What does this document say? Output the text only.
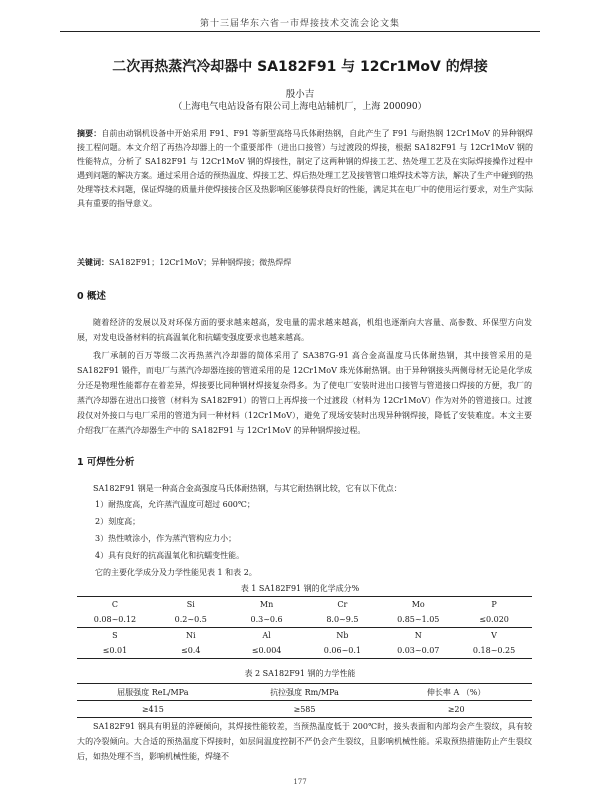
第十三届华东六省一市焊接技术交流会论文集
二次再热蒸汽冷却器中 SA182F91 与 12Cr1MoV 的焊接
殷小吉
（上海电气电站设备有限公司上海电站辅机厂，上海 200090）

摘要：自前由动锅机设备中开始采用 F91、F91 等新型高络马氏体耐热钢，自此产生了 F91 与耐热钢 12Cr1MoV 的异种钢焊接工程问题。本文介绍了再热冷却器上的一个重要部件（进出口接管）与过渡段的焊接，根据 SA182F91 与 12Cr1MoV 钢的性能特点，分析了 SA182F91 与 12Cr1MoV 钢的焊接性，制定了这两种钢的焊接工艺、热处理工艺及在实际焊接操作过程中遇到问题的解决方案。通过采用合适的预热温度、焊接工艺、焊后热处理工艺及接管管口堆焊技术等方法，解决了生产中碰到的热处理等技术问题，保证焊缝的质量并使焊接接合区及热影响区能够获得良好的性能，满足其在电厂中的使用运行要求，对生产实际具有重要的指导意义。

关键词：SA182F91；12Cr1MoV；异种钢焊接；微热焊焊
0 概述

随着经济的发展以及对环保方面的要求越来越高，发电量的需求越来越高，机组也逐渐向大容量、高参数、环保型方向发展，对发电设备材料的抗高温氧化和抗蠕变强度要求也越来越高。

我厂承制的百万等级二次再热蒸汽冷却器的简体采用了 SA387G-91 高合金高温度马氏体耐热钢，其中接管采用的是 SA182F91 锻件，而电厂与蒸汽冷却器连接的管道采用的是 12Cr1MoV 珠光体耐热钢。由于异种钢接头两侧母材无论是化学成分还是物理性能都存在着差异，焊接要比同种钢材焊接复杂得多。为了使电厂安装时进出口接管与管道接口焊接的方便，我厂的蒸汽冷却器在进出口接管（材料为 SA182F91）的管口上再焊接一个过渡段（材料为 12Cr1MoV）作为对外的管道接口。过渡段仅对外接口与电厂采用的管道为同一种材料（12Cr1MoV），避免了现场安装时出现异种钢焊接，降低了安装难度。本文主要介绍我厂在蒸汽冷却器生产中的 SA182F91 与 12Cr1MoV 的异种钢焊接过程。

1 可焊性分析

SA182F91 钢是一种高合金高强度马氏体耐热钢，与其它耐热钢比较，它有以下优点：

1）耐热度高，允许蒸汽温度可超过 600℃；
2）刻度高；
3）热性喷涂小，作为蒸汽管构应力小；
4）具有良好的抗高温氧化和抗蠕变性能。
它的主要化学成分及力学性能见表 1 和表 2。
表 1 SA182F91 钢的化学成分%
C	Si	Mn	Cr	Mo	P
0.08~0.12	0.2~0.5	0.3~0.6	8.0~9.5	0.85~1.05	≤0.020
S	Ni	Al	Nb	N	V
≤0.01	≤0.4	≤0.004	0.06~0.1	0.03~0.07	0.18~0.25
表 2 SA182F91 钢的力学性能
屈服强度 ReL/MPa	抗拉强度 Rm/MPa	伸长率 A （%）
≥415	≥585	≥20

SA182F91 钢具有明显的淬硬倾向，其焊接性能较差，当预热温度低于 200℃时，接头表面和内部均会产生裂纹，具有较大的冷裂倾向。大合适的预热温度下焊接时，如层间温度控制不严仍会产生裂纹，且影响机械性能。采取预热措施防止产生裂纹后，如热处理不当，影响机械性能，焊缝不

177
